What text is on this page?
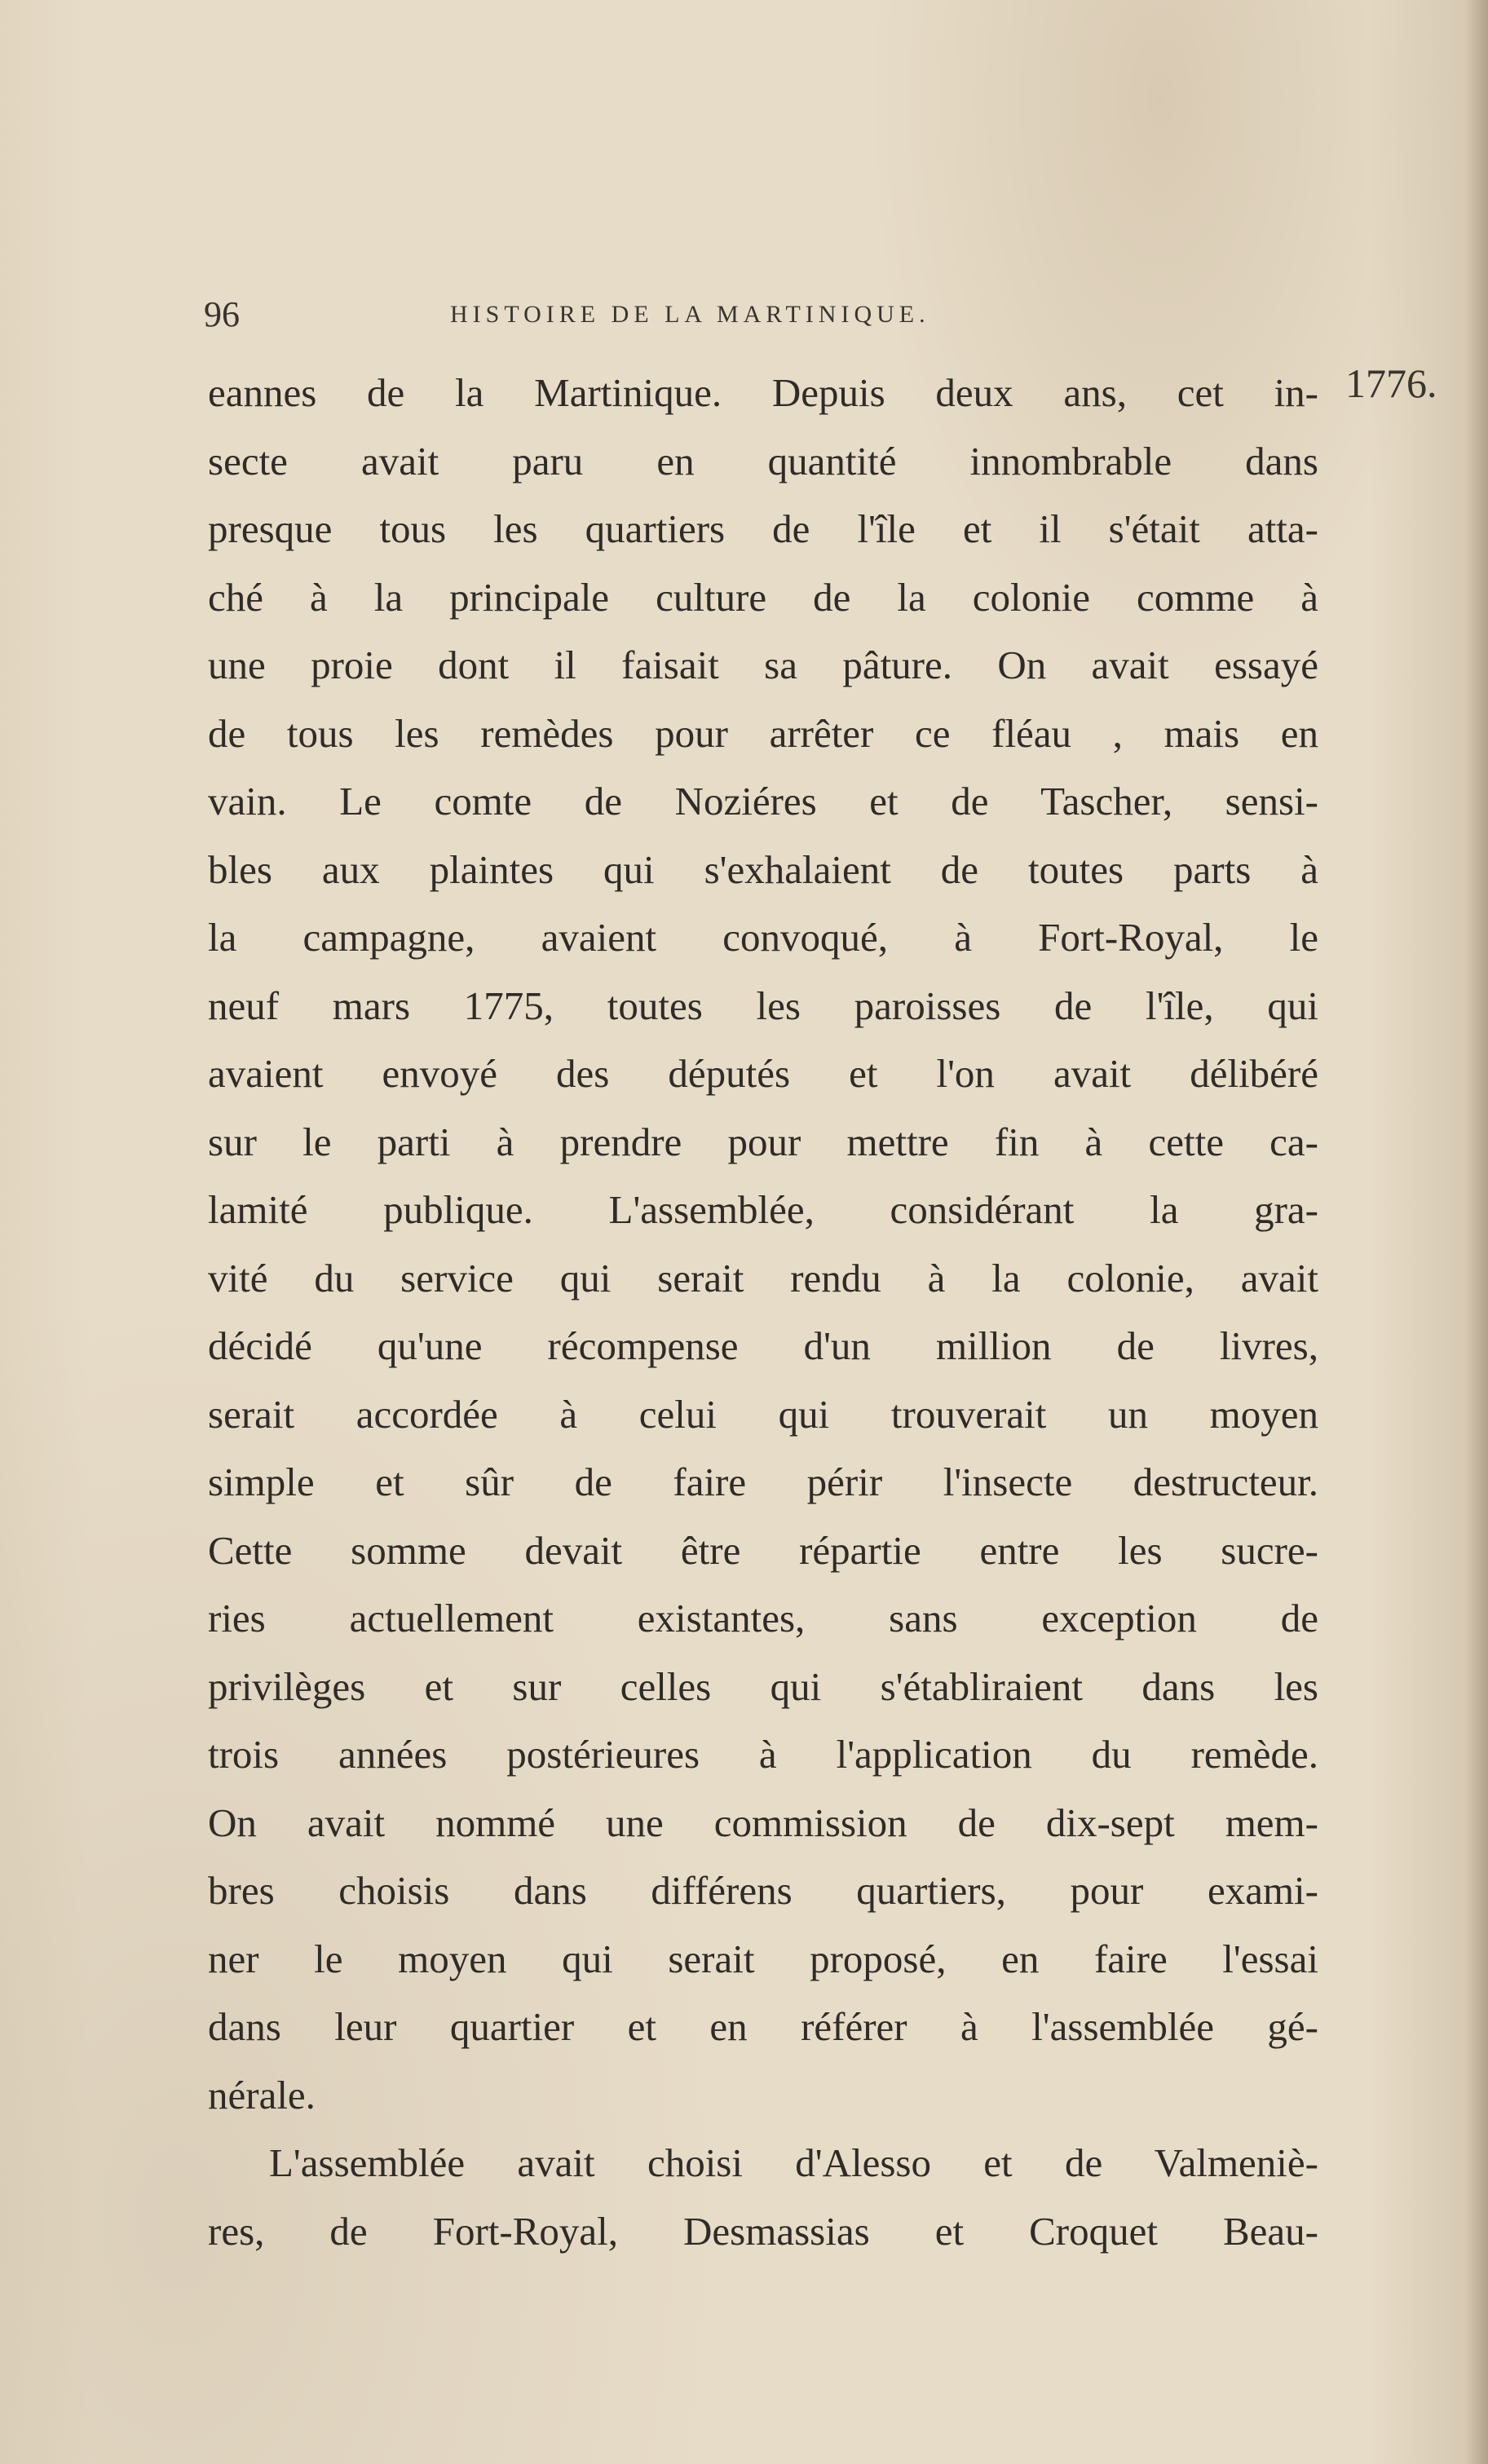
96	HISTOIRE DE LA MARTINIQUE.
1776.
eannes de la Martinique. Depuis deux ans, cet in-
secte avait paru en quantité innombrable dans
presque tous les quartiers de l'île et il s'était atta-
ché à la principale culture de la colonie comme à
une proie dont il faisait sa pâture. On avait essayé
de tous les remèdes pour arrêter ce fléau , mais en
vain. Le comte de Noziéres et de Tascher, sensi-
bles aux plaintes qui s'exhalaient de toutes parts à
la campagne, avaient convoqué, à Fort-Royal, le
neuf mars 1775, toutes les paroisses de l'île, qui
avaient envoyé des députés et l'on avait délibéré
sur le parti à prendre pour mettre fin à cette ca-
lamité publique. L'assemblée, considérant la gra-
vité du service qui serait rendu à la colonie, avait
décidé qu'une récompense d'un million de livres,
serait accordée à celui qui trouverait un moyen
simple et sûr de faire périr l'insecte destructeur.
Cette somme devait être répartie entre les sucre-
ries actuellement existantes, sans exception de
privilèges et sur celles qui s'établiraient dans les
trois années postérieures à l'application du remède.
On avait nommé une commission de dix-sept mem-
bres choisis dans différens quartiers, pour exami-
ner le moyen qui serait proposé, en faire l'essai
dans leur quartier et en référer à l'assemblée gé-
nérale.
L'assemblée avait choisi d'Alesso et de Valmeniè-
res, de Fort-Royal, Desmassias et Croquet Beau-
